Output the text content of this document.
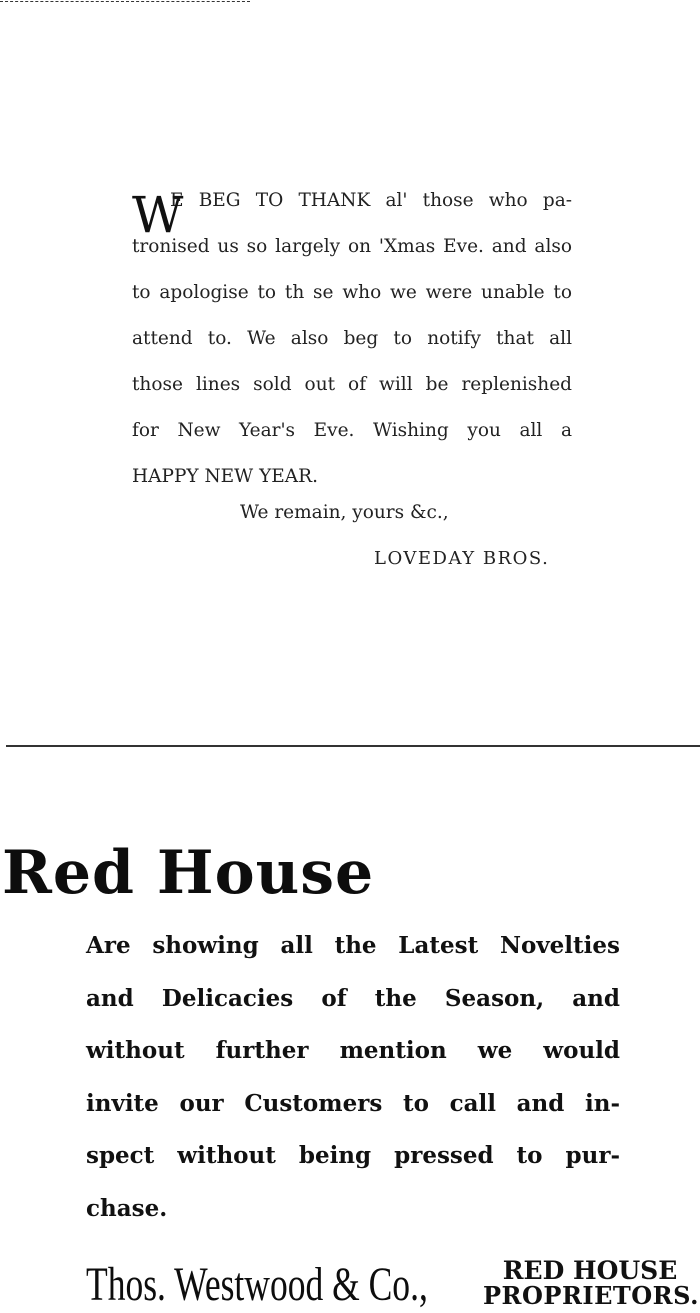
W
E BEG TO THANK al' those who pa-
tronised us so largely on 'Xmas Eve. and also
to apologise to th se who we were unable to
attend to. We also beg to notify that all
those lines sold out of will be replenished
for New Year's Eve. Wishing you all a
HAPPY NEW YEAR.
We remain, yours &c.,
LOVEDAY BROS.
Red House
Are showing all the Latest Novelties
and Delicacies of the Season, and
without further mention we would
invite our Customers to call and in-
spect without being pressed to pur-
chase.
Thos. Westwood & Co.,	RED HOUSE
PROPRIETORS.
